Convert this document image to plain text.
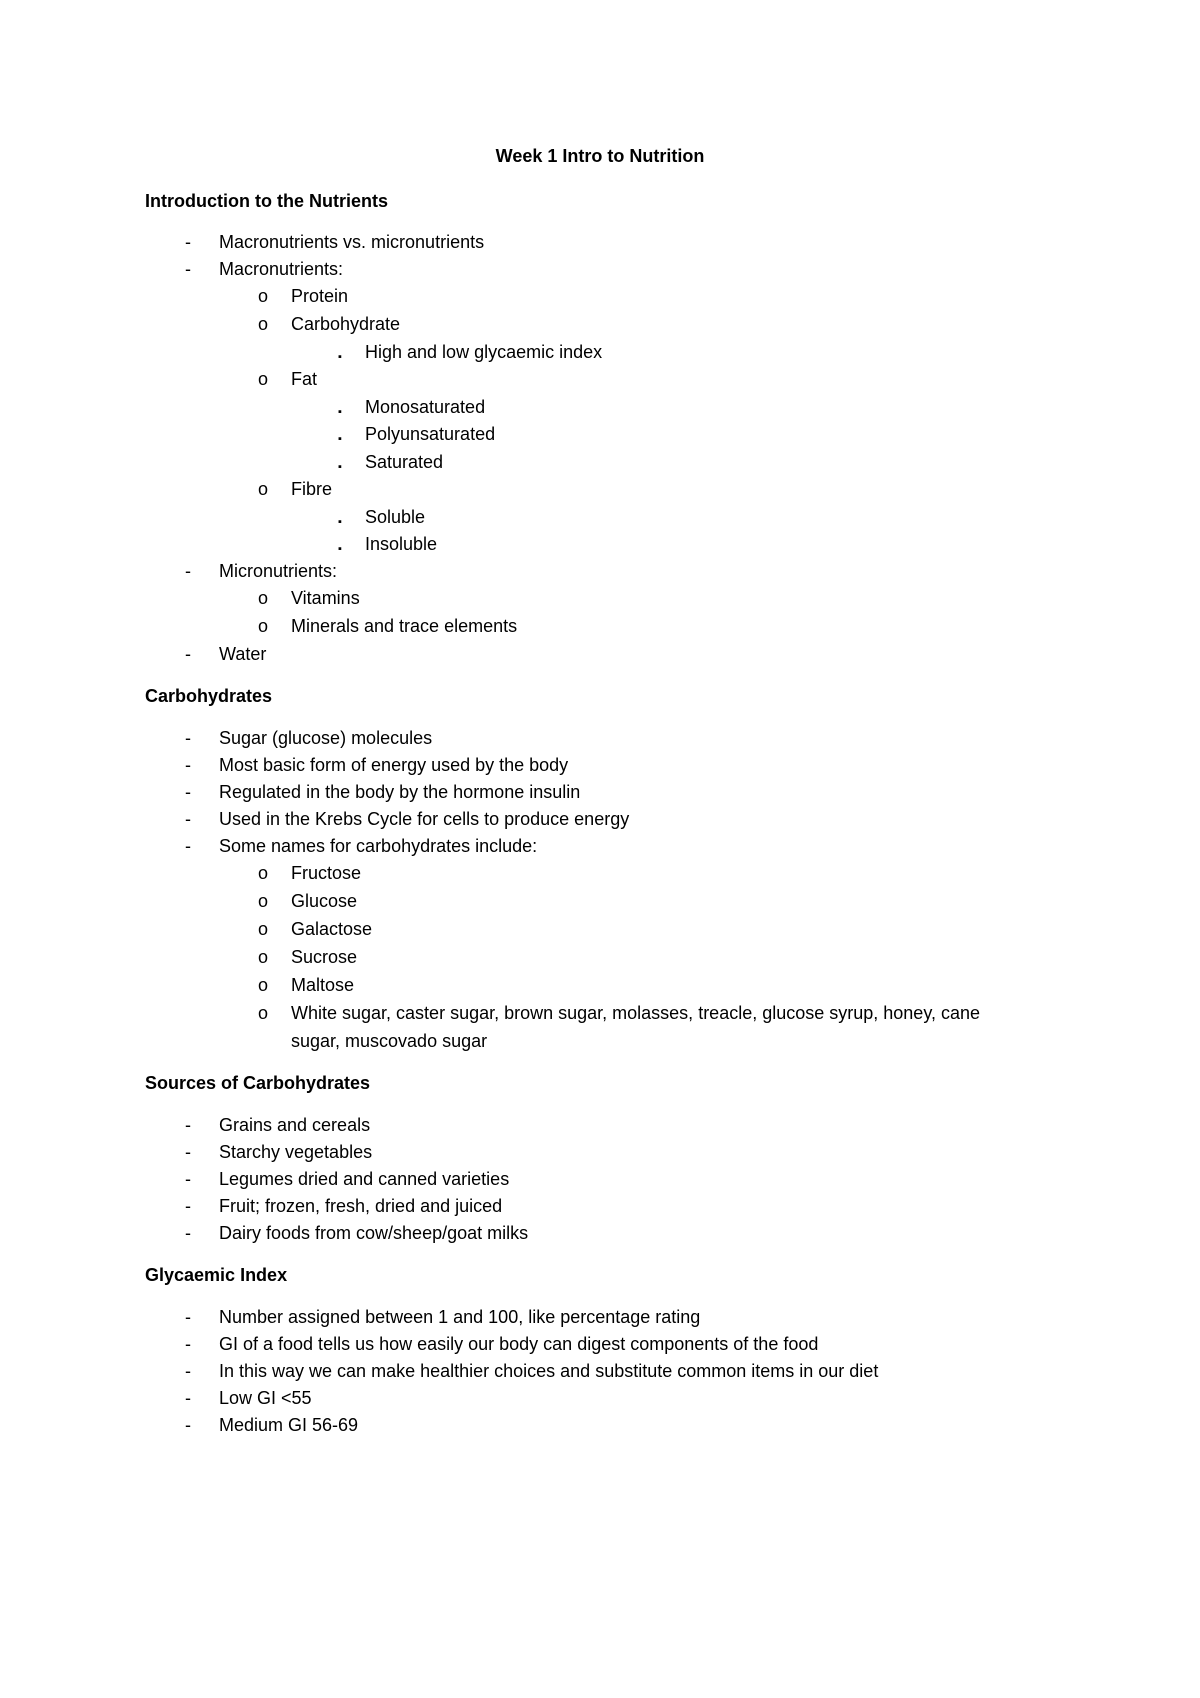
Week 1 Intro to Nutrition
Introduction to the Nutrients
- Macronutrients vs. micronutrients
- Macronutrients:
o Protein
o Carbohydrate
▪ High and low glycaemic index
o Fat
▪ Monosaturated
▪ Polyunsaturated
▪ Saturated
o Fibre
▪ Soluble
▪ Insoluble
- Micronutrients:
o Vitamins
o Minerals and trace elements
- Water
Carbohydrates
- Sugar (glucose) molecules
- Most basic form of energy used by the body
- Regulated in the body by the hormone insulin
- Used in the Krebs Cycle for cells to produce energy
- Some names for carbohydrates include:
o Fructose
o Glucose
o Galactose
o Sucrose
o Maltose
o White sugar, caster sugar, brown sugar, molasses, treacle, glucose syrup, honey, cane
sugar, muscovado sugar
Sources of Carbohydrates
- Grains and cereals
- Starchy vegetables
- Legumes dried and canned varieties
- Fruit; frozen, fresh, dried and juiced
- Dairy foods from cow/sheep/goat milks
Glycaemic Index
- Number assigned between 1 and 100, like percentage rating
- GI of a food tells us how easily our body can digest components of the food
- In this way we can make healthier choices and substitute common items in our diet
- Low GI <55
- Medium GI 56-69
